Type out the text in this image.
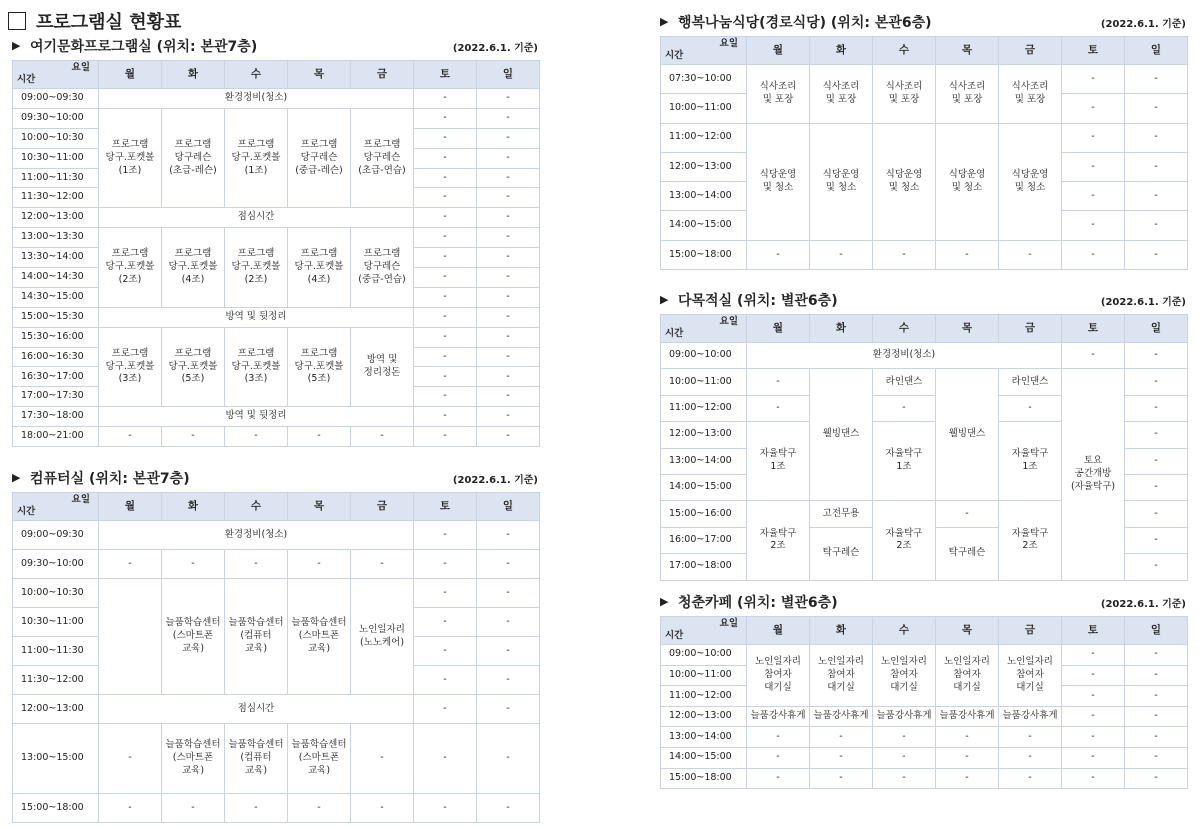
프로그램실 현황표
▶ 여기문화프로그램실 (위치: 본관7층)	(2022.6.1. 기준)
요일
시간	월	화	수	목	금	토	일
09:00~09:30	환경정비(청소)					-	-
09:30~10:00	프로그램
당구.포켓볼
(1조)	프로그램
당구레슨
(초급-레슨)	프로그램
당구.포켓볼
(1조)	프로그램
당구레슨
(중급-레슨)	프로그램
당구레슨
(초급-연습)	-	-
10:00~10:30						-	-
10:30~11:00						-	-
11:00~11:30						-	-
11:30~12:00						-	-
12:00~13:00	점심시간					-	-
13:00~13:30	프로그램
당구.포켓볼
(2조)	프로그램
당구.포켓볼
(4조)	프로그램
당구.포켓볼
(2조)	프로그램
당구.포켓볼
(4조)	프로그램
당구레슨
(중급-연습)	-	-
13:30~14:00						-	-
14:00~14:30						-	-
14:30~15:00						-	-
15:00~15:30	방역 및 뒷정리					-	-
15:30~16:00	프로그램
당구.포켓볼
(3조)	프로그램
당구.포켓볼
(5조)	프로그램
당구.포켓볼
(3조)	프로그램
당구.포켓볼
(5조)	방역 및
정리정돈	-	-
16:00~16:30						-	-
16:30~17:00						-	-
17:00~17:30						-	-
17:30~18:00	방역 및 뒷정리					-	-
18:00~21:00	-	-	-	-	-	-	-
▶ 컴퓨터실 (위치: 본관7층)	(2022.6.1. 기준)
요일
시간	월	화	수	목	금	토	일
09:00~09:30	환경정비(청소)					-	-
09:30~10:00	-	-	-	-	-	-	-
10:00~10:30		늘품학습센터
(스마트폰
교육)	늘품학습센터
(컴퓨터
교육)	늘품학습센터
(스마트폰
교육)	노인일자리
(노노케어)	-	-
10:30~11:00						-	-
11:00~11:30						-	-
11:30~12:00						-	-
12:00~13:00	점심시간					-	-
13:00~15:00	-	늘품학습센터
(스마트폰
교육)	늘품학습센터
(컴퓨터
교육)	늘품학습센터
(스마트폰
교육)	-	-	-
15:00~18:00	-	-	-	-	-	-	-
▶ 행복나눔식당(경로식당) (위치: 본관6층)	(2022.6.1. 기준)
요일
시간	월	화	수	목	금	토	일
07:30~10:00	식사조리
및 포장	식사조리
및 포장	식사조리
및 포장	식사조리
및 포장	식사조리
및 포장	-	-
10:00~11:00						-	-
11:00~12:00	식당운영
및 청소	식당운영
및 청소	식당운영
및 청소	식당운영
및 청소	식당운영
및 청소	-	-
12:00~13:00						-	-
13:00~14:00						-	-
14:00~15:00						-	-
15:00~18:00	-	-	-	-	-	-	-
▶ 다목적실 (위치: 별관6층)	(2022.6.1. 기준)
요일
시간	월	화	수	목	금	토	일
09:00~10:00	환경정비(청소)					-	-
10:00~11:00	-	웰빙댄스	라인댄스	웰빙댄스	라인댄스	토요
공간개방
(자율탁구)	-
11:00~12:00	-		-		-		-
12:00~13:00	자율탁구
1조		자율탁구
1조		자율탁구
1조		-
13:00~14:00							-
14:00~15:00							-
15:00~16:00	자율탁구
2조	고전무용	자율탁구
2조	-	자율탁구
2조		-
16:00~17:00		탁구레슨		탁구레슨			-
17:00~18:00							-
▶ 청춘카페 (위치: 별관6층)	(2022.6.1. 기준)
요일
시간	월	화	수	목	금	토	일
09:00~10:00	노인일자리
참여자
대기실	노인일자리
참여자
대기실	노인일자리
참여자
대기실	노인일자리
참여자
대기실	노인일자리
참여자
대기실	-	-
10:00~11:00						-	-
11:00~12:00						-	-
12:00~13:00	늘품강사휴게	늘품강사휴게	늘품강사휴게	늘품강사휴게	늘품강사휴게	-	-
13:00~14:00	-	-	-	-	-	-	-
14:00~15:00	-	-	-	-	-	-	-
15:00~18:00	-	-	-	-	-	-	-
